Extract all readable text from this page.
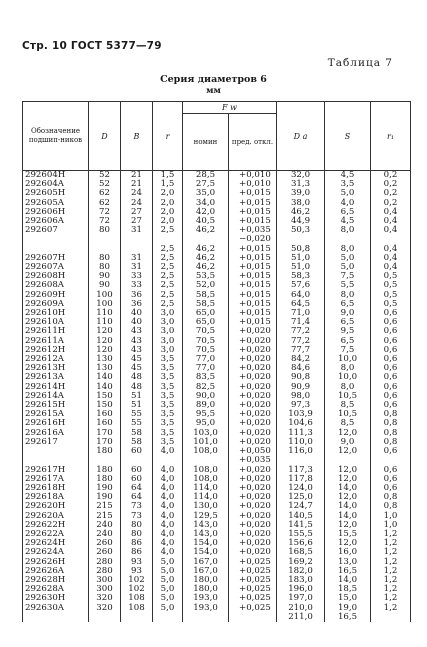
Стр. 10 ГОСТ 5377—79
Таблица 7
Серия диаметров 6
мм
Обозначение подшип-ников	D	B	r	F w		D a	S	r₁
				номин	пред. откл.			
292604H	52	21	1,5	28,5	+0,010	32,0	4,5	0,2
292604A	52	21	1,5	27,5	+0,010	31,3	3,5	0,2
292605H	62	24	2,0	35,0	+0,015	39,0	5,0	0,2
292605A	62	24	2,0	34,0	+0,015	38,0	4,0	0,2
292606H	72	27	2,0	42,0	+0,015	46,2	6,5	0,4
292606A	72	27	2,0	40,5	+0,015	44,9	4,5	0,4
292607	80	31	2,5	46,2	+0,035	50,3	8,0	0,4
					−0,020			
			2,5	46,2	+0,015	50,8	8,0	0,4
292607H	80	31	2,5	46,2	+0,015	51,0	5,0	0,4
292607A	80	31	2,5	46,2	+0,015	51,0	5,0	0,4
292608H	90	33	2,5	53,5	+0,015	58,3	7,5	0,5
292608A	90	33	2,5	52,0	+0,015	57,6	5,5	0,5
292609H	100	36	2,5	58,5	+0,015	64,0	8,0	0,5
292609A	100	36	2,5	58,5	+0,015	64,5	6,5	0,5
292610H	110	40	3,0	65,0	+0,015	71,0	9,0	0,6
292610A	110	40	3,0	65,0	+0,015	71,4	6,5	0,6
292611H	120	43	3,0	70,5	+0,020	77,2	9,5	0,6
292611A	120	43	3,0	70,5	+0,020	77,2	6,5	0,6
292612H	120	43	3,0	70,5	+0,020	77,7	7,5	0,6
292612A	130	45	3,5	77,0	+0,020	84,2	10,0	0,6
292613H	130	45	3,5	77,0	+0,020	84,6	8,0	0,6
292613A	140	48	3,5	83,5	+0,020	90,8	10,0	0,6
292614H	140	48	3,5	82,5	+0,020	90,9	8,0	0,6
292614A	150	51	3,5	90,0	+0,020	98,0	10,5	0,6
292615H	150	51	3,5	89,0	+0,020	97,3	8,5	0,6
292615A	160	55	3,5	95,5	+0,020	103,9	10,5	0,8
292616H	160	55	3,5	95,0	+0,020	104,6	8,5	0,8
292616A	170	58	3,5	103,0	+0,020	111,3	12,0	0,8
292617	170	58	3,5	101,0	+0,020	110,0	9,0	0,8
	180	60	4,0	108,0	+0,050	116,0	12,0	0,6
					+0,035			
292617H	180	60	4,0	108,0	+0,020	117,3	12,0	0,6
292617A	180	60	4,0	108,0	+0,020	117,8	12,0	0,6
292618H	190	64	4,0	114,0	+0,020	124,0	14,0	0,6
292618A	190	64	4,0	114,0	+0,020	125,0	12,0	0,8
292620H	215	73	4,0	130,0	+0,020	124,7	14,0	0,8
292620A	215	73	4,0	129,5	+0,020	140,5	14,0	1,0
292622H	240	80	4,0	143,0	+0,020	141,5	12,0	1,0
292622A	240	80	4,0	143,0	+0,020	155,5	15,5	1,2
292624H	260	86	4,0	154,0	+0,020	156,6	12,0	1,2
292624A	260	86	4,0	154,0	+0,020	168,5	16,0	1,2
292626H	280	93	5,0	167,0	+0,025	169,2	13,0	1,2
292626A	280	93	5,0	167,0	+0,025	182,0	16,5	1,2
292628H	300	102	5,0	180,0	+0,025	183,0	14,0	1,2
292628A	300	102	5,0	180,0	+0,025	196,0	18,5	1,2
292630H	320	108	5,0	193,0	+0,025	197,0	15,0	1,2
292630A	320	108	5,0	193,0	+0,025	210,0	19,0	1,2
						211,0	16,5	
